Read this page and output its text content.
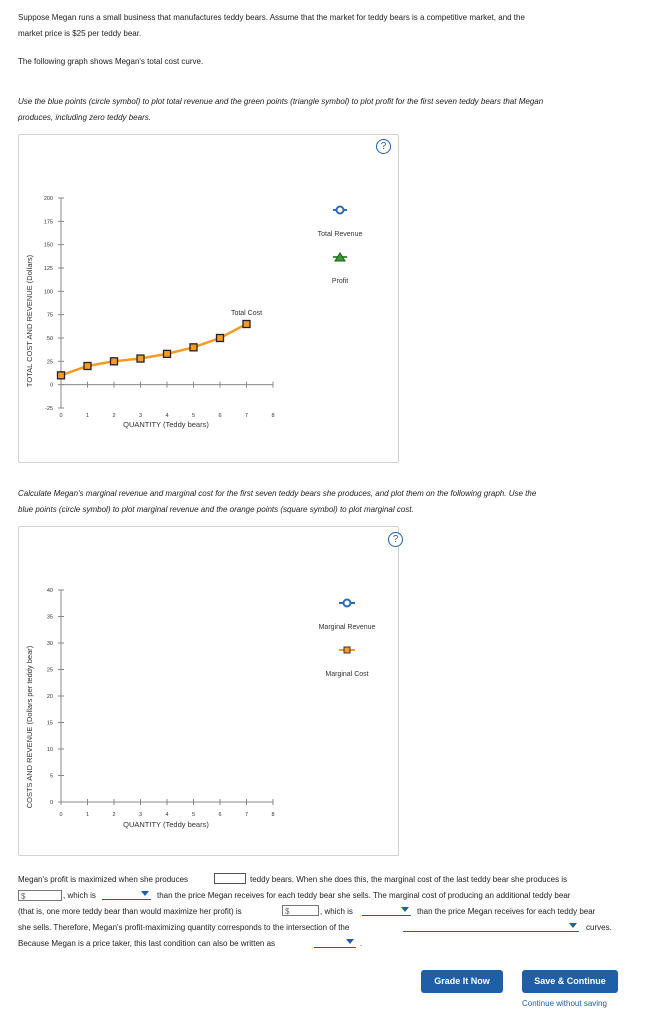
Suppose Megan runs a small business that manufactures teddy bears. Assume that the market for teddy bears is a competitive market, and the

market price is $25 per teddy bear.

The following graph shows Megan's total cost curve.

Use the blue points (circle symbol) to plot total revenue and the green points (triangle symbol) to plot profit for the first seven teddy bears that Megan

produces, including zero teddy bears.

?
TOTAL COST AND REVENUE (Dollars)
QUANTITY (Teddy bears)
200
175
150
125
100
75
50
25
0
-25
0	1	2	3	4	5	6	7	8
Total Cost
Total Revenue
Profit

Calculate Megan's marginal revenue and marginal cost for the first seven teddy bears she produces, and plot them on the following graph. Use the

blue points (circle symbol) to plot marginal revenue and the orange points (square symbol) to plot marginal cost.

?
COSTS AND REVENUE (Dollars per teddy bear)
QUANTITY (Teddy bears)
40
35
30
25
20
15
10
5
0
0	1	2	3	4	5	6	7	8
Marginal Revenue
Marginal Cost
Megan's profit is maximized when she produces	teddy bears. When she does this, the marginal cost of the last teddy bear she produces is
$	, which is	than the price Megan receives for each teddy bear she sells. The marginal cost of producing an additional teddy bear
(that is, one more teddy bear than would maximize her profit) is	$	, which is	than the price Megan receives for each teddy bear
she sells. Therefore, Megan's profit-maximizing quantity corresponds to the intersection of the	curves.
Because Megan is a price taker, this last condition can also be written as	.
Grade It Now	Save & Continue
Continue without saving
